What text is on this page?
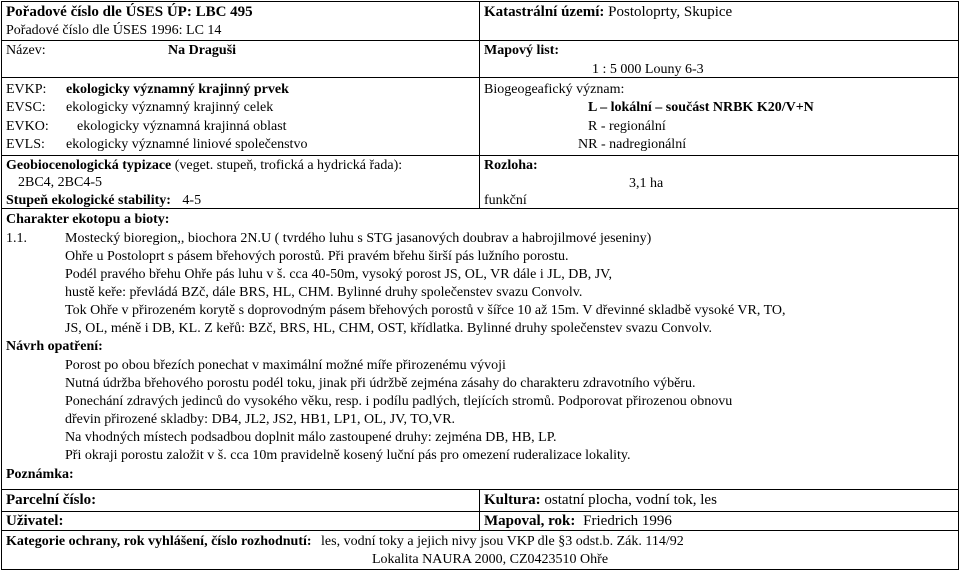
Pořadové číslo dle ÚSES ÚP: LBC 495
Pořadové číslo dle ÚSES 1996: LC 14
Katastrální území: Postoloprty, Skupice
Název:	Na Draguši	Mapový list:
1 : 5 000 Louny 6-3
EVKP: ekologicky významný krajinný prvek
EVSC: ekologicky významný krajinný celek
EVKO: ekologicky významná krajinná oblast
EVLS: ekologicky významné liniové společenstvo
Biogeogeafický význam:
L – lokální – součást NRBK K20/V+N
R - regionální
NR - nadregionální
Geobiocenologická typizace (veget. stupeň, trofická a hydrická řada):
2BC4, 2BC4-5
Stupeň ekologické stability: 4-5
Rozloha:
3,1 ha
funkční
Charakter ekotopu a bioty:
1.1.	Mostecký bioregion,, biochora 2N.U ( tvrdého luhu s STG jasanových doubrav a habrojilmové jeseniny)
Ohře u Postoloprt s pásem břehových porostů. Při pravém břehu širší pás lužního porostu.
Podél pravého břehu Ohře pás luhu v š. cca 40-50m, vysoký porost JS, OL, VR dále i JL, DB, JV,
hustě keře: převládá BZč, dále BRS, HL, CHM. Bylinné druhy společenstev svazu Convolv.
Tok Ohře v přirozeném korytě s doprovodným pásem břehových porostů v šířce 10 až 15m. V dřevinné skladbě vysoké VR, TO,
JS, OL, méně i DB, KL. Z keřů: BZč, BRS, HL, CHM, OST, křídlatka. Bylinné druhy společenstev svazu Convolv.
Návrh opatření:
Porost po obou březích ponechat v maximální možné míře přirozenému vývoji
Nutná údržba břehového porostu podél toku, jinak při údržbě zejména zásahy do charakteru zdravotního výběru.
Ponechání zdravých jedinců do vysokého věku, resp. i podílu padlých, tlejících stromů. Podporovat přirozenou obnovu
dřevin přirozené skladby: DB4, JL2, JS2, HB1, LP1, OL, JV, TO,VR.
Na vhodných místech podsadbou doplnit málo zastoupené druhy: zejména DB, HB, LP.
Při okraji porostu založit v š. cca 10m pravidelně kosený luční pás pro omezení ruderalizace lokality.
Poznámka:
Parcelní číslo:	Kultura: ostatní plocha, vodní tok, les
Uživatel:	Mapoval, rok: Friedrich 1996
Kategorie ochrany, rok vyhlášení, číslo rozhodnutí: les, vodní toky a jejich nivy jsou VKP dle §3 odst.b. Zák. 114/92
Lokalita NAURA 2000, CZ0423510 Ohře
